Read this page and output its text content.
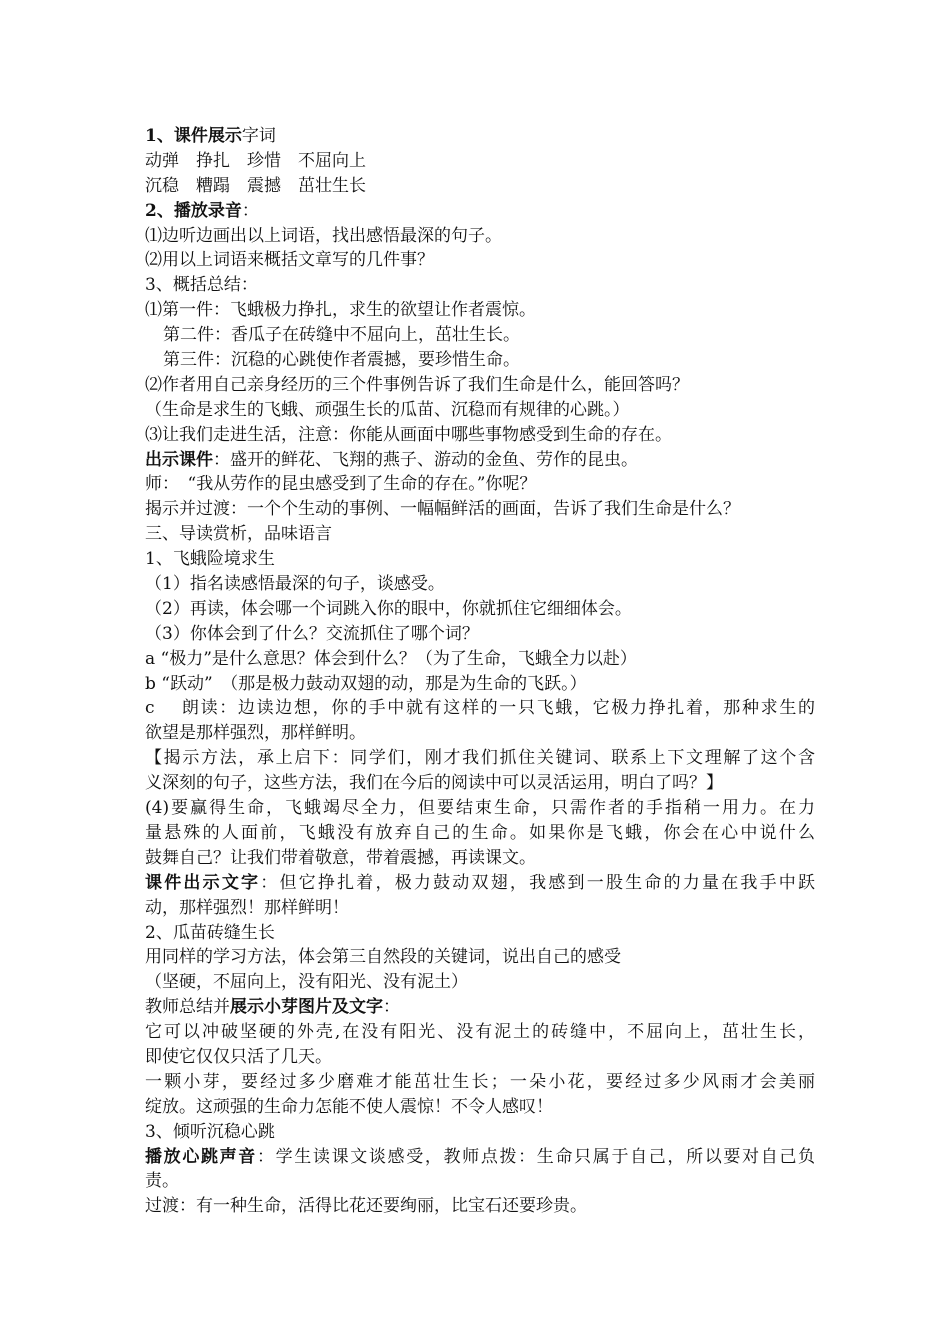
1、课件展示字词
动弹　挣扎　珍惜　不屈向上
沉稳　糟蹋　震撼　茁壮生长
2、播放录音：
⑴边听边画出以上词语，找出感悟最深的句子。
⑵用以上词语来概括文章写的几件事？
3、概括总结：
⑴第一件：飞蛾极力挣扎，求生的欲望让作者震惊。
第二件：香瓜子在砖缝中不屈向上，茁壮生长。
第三件：沉稳的心跳使作者震撼，要珍惜生命。
⑵作者用自己亲身经历的三个件事例告诉了我们生命是什么，能回答吗？
（生命是求生的飞蛾、顽强生长的瓜苗、沉稳而有规律的心跳。）
⑶让我们走进生活，注意：你能从画面中哪些事物感受到生命的存在。
出示课件：盛开的鲜花、飞翔的燕子、游动的金鱼、劳作的昆虫。
师：　“我从劳作的昆虫感受到了生命的存在。”你呢？
揭示并过渡：一个个生动的事例、一幅幅鲜活的画面，告诉了我们生命是什么？
三、导读赏析，品味语言
1、飞蛾险境求生
（1）指名读感悟最深的句子，谈感受。
（2）再读，体会哪一个词跳入你的眼中，你就抓住它细细体会。
（3）你体会到了什么？交流抓住了哪个词？
a “极力”是什么意思？体会到什么？（为了生命，飞蛾全力以赴）
b “跃动”　（那是极力鼓动双翅的动，那是为生命的飞跃。）
c　 朗读：边读边想，你的手中就有这样的一只飞蛾，它极力挣扎着，那种求生的
欲望是那样强烈，那样鲜明。
【揭示方法，承上启下：同学们，刚才我们抓住关键词、联系上下文理解了这个含
义深刻的句子，这些方法，我们在今后的阅读中可以灵活运用，明白了吗？】
(4)要赢得生命，飞蛾竭尽全力，但要结束生命，只需作者的手指稍一用力。在力
量悬殊的人面前，飞蛾没有放弃自己的生命。如果你是飞蛾，你会在心中说什么
鼓舞自己？让我们带着敬意，带着震撼，再读课文。
课件出示文字：但它挣扎着，极力鼓动双翅，我感到一股生命的力量在我手中跃
动，那样强烈！那样鲜明！
2、瓜苗砖缝生长
用同样的学习方法，体会第三自然段的关键词，说出自己的感受
（坚硬，不屈向上，没有阳光、没有泥土）
教师总结并展示小芽图片及文字：
它可以冲破坚硬的外壳,在没有阳光、没有泥土的砖缝中，不屈向上，茁壮生长，
即使它仅仅只活了几天。
一颗小芽，要经过多少磨难才能茁壮生长；一朵小花，要经过多少风雨才会美丽
绽放。这顽强的生命力怎能不使人震惊！不令人感叹！
3、倾听沉稳心跳
播放心跳声音：学生读课文谈感受，教师点拨：生命只属于自己，所以要对自己负
责。
过渡：有一种生命，活得比花还要绚丽，比宝石还要珍贵。
